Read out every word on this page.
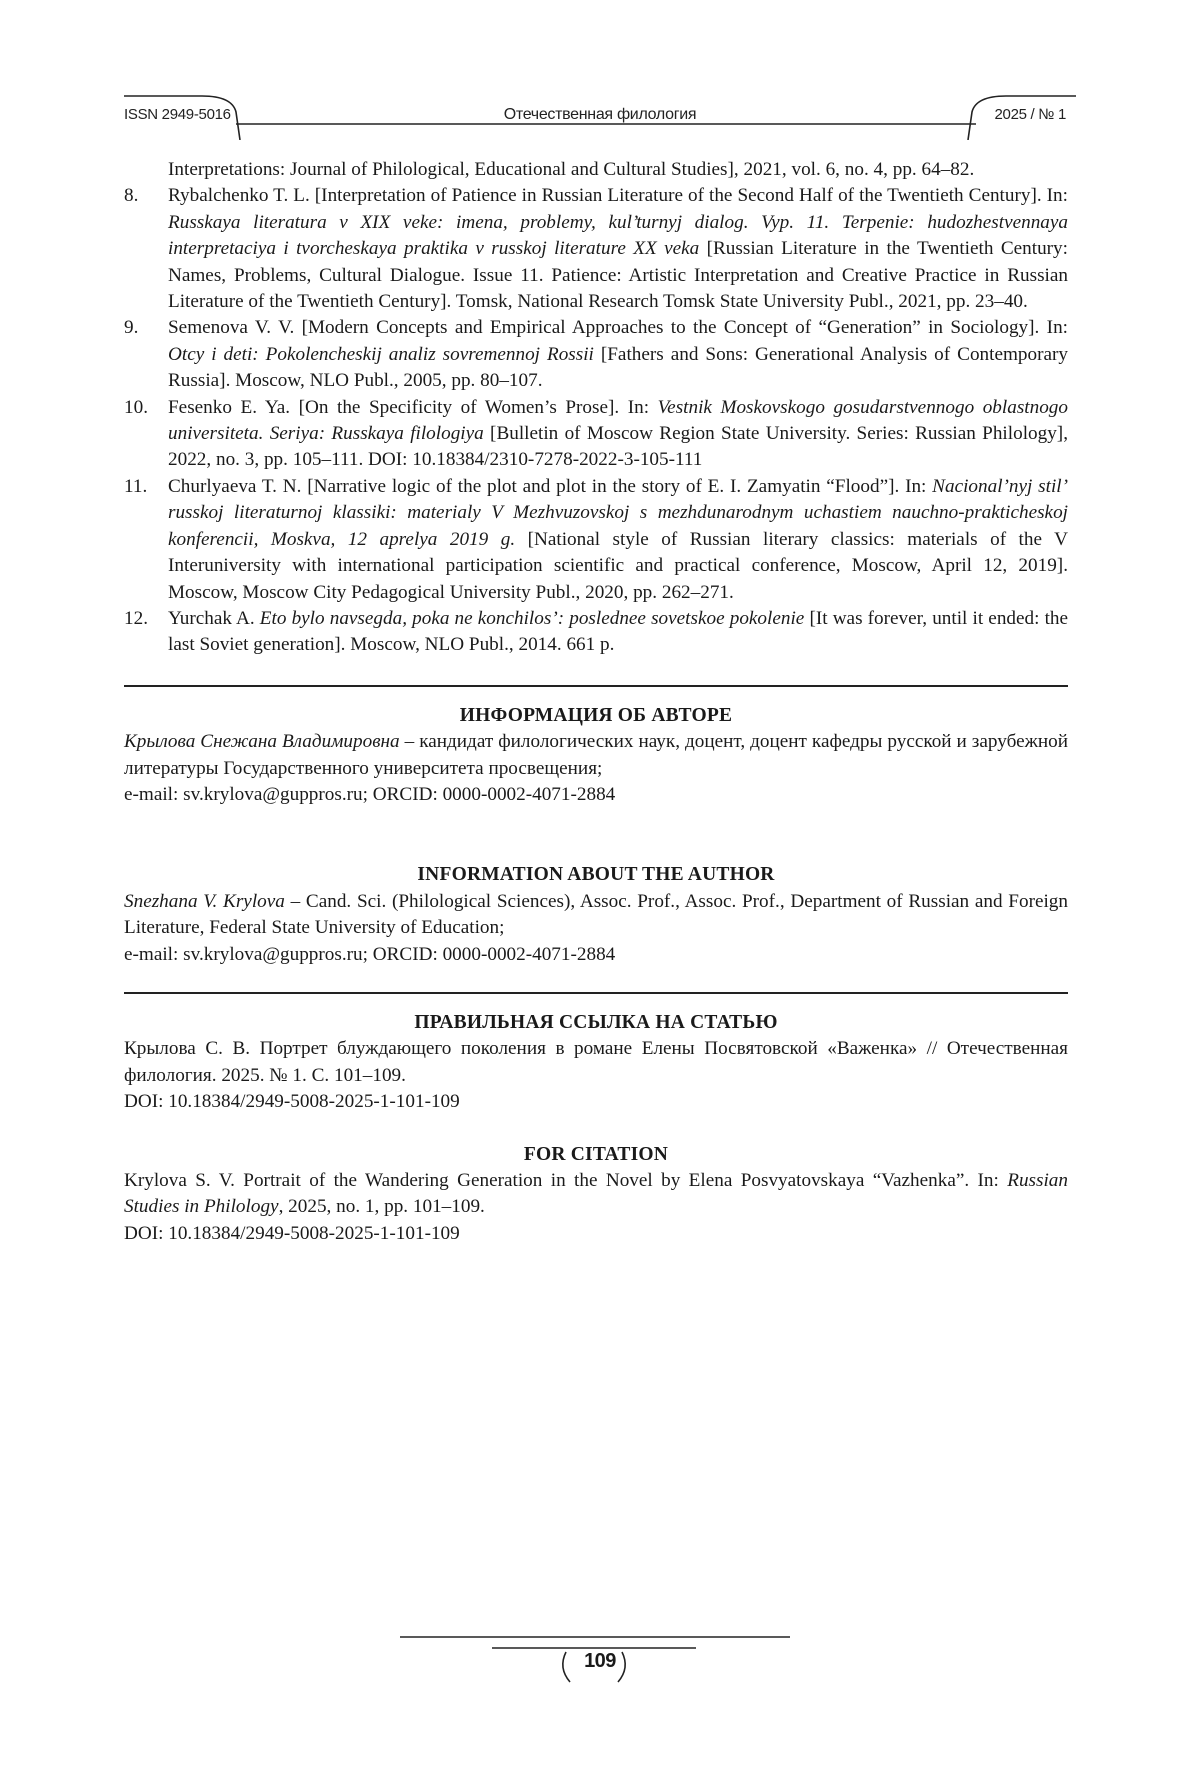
ISSN 2949-5016	Отечественная филология	2025 / № 1
Interpretations: Journal of Philological, Educational and Cultural Studies], 2021, vol. 6, no. 4, pp. 64–82.
8. Rybalchenko T. L. [Interpretation of Patience in Russian Literature of the Second Half of the Twentieth Century]. In: Russkaya literatura v XIX veke: imena, problemy, kul’turnyj dialog. Vyp. 11. Terpenie: hudozhestvennaya interpretaciya i tvorcheskaya praktika v russkoj literature XX veka [Russian Literature in the Twentieth Century: Names, Problems, Cultural Dialogue. Issue 11. Patience: Artistic Interpretation and Creative Practice in Russian Literature of the Twentieth Century]. Tomsk, National Research Tomsk State University Publ., 2021, pp. 23–40.
9. Semenova V. V. [Modern Concepts and Empirical Approaches to the Concept of “Generation” in Sociology]. In: Otcy i deti: Pokolencheskij analiz sovremennoj Rossii [Fathers and Sons: Generational Analysis of Contemporary Russia]. Moscow, NLO Publ., 2005, pp. 80–107.
10. Fesenko E. Ya. [On the Specificity of Women’s Prose]. In: Vestnik Moskovskogo gosudarstvennogo oblastnogo universiteta. Seriya: Russkaya filologiya [Bulletin of Moscow Region State University. Series: Russian Philology], 2022, no. 3, pp. 105–111. DOI: 10.18384/2310-7278-2022-3-105-111
11. Churlyaeva T. N. [Narrative logic of the plot and plot in the story of E. I. Zamyatin “Flood”]. In: Nacional’nyj stil’ russkoj literaturnoj klassiki: materialy V Mezhvuzovskoj s mezhdunarodnym uchastiem nauchno-prakticheskoj konferencii, Moskva, 12 aprelya 2019 g. [National style of Russian literary classics: materials of the V Interuniversity with international participation scientific and practical conference, Moscow, April 12, 2019]. Moscow, Moscow City Pedagogical University Publ., 2020, pp. 262–271.
12. Yurchak A. Eto bylo navsegda, poka ne konchilos’: poslednee sovetskoe pokolenie [It was forever, until it ended: the last Soviet generation]. Moscow, NLO Publ., 2014. 661 p.
ИНФОРМАЦИЯ ОБ АВТОРЕ
Крылова Снежана Владимировна – кандидат филологических наук, доцент, доцент кафедры русской и зарубежной литературы Государственного университета просвещения;
e-mail: sv.krylova@guppros.ru; ORCID: 0000-0002-4071-2884
INFORMATION ABOUT THE AUTHOR
Snezhana V. Krylova – Cand. Sci. (Philological Sciences), Assoc. Prof., Assoc. Prof., Department of Russian and Foreign Literature, Federal State University of Education;
e-mail: sv.krylova@guppros.ru; ORCID: 0000-0002-4071-2884
ПРАВИЛЬНАЯ ССЫЛКА НА СТАТЬЮ
Крылова С. В. Портрет блуждающего поколения в романе Елены Посвятовской «Важенка» // Отечественная филология. 2025. № 1. С. 101–109.
DOI: 10.18384/2949-5008-2025-1-101-109
FOR CITATION
Krylova S. V. Portrait of the Wandering Generation in the Novel by Elena Posvyatovskaya “Vazhenka”. In: Russian Studies in Philology, 2025, no. 1, pp. 101–109.
DOI: 10.18384/2949-5008-2025-1-101-109
109
